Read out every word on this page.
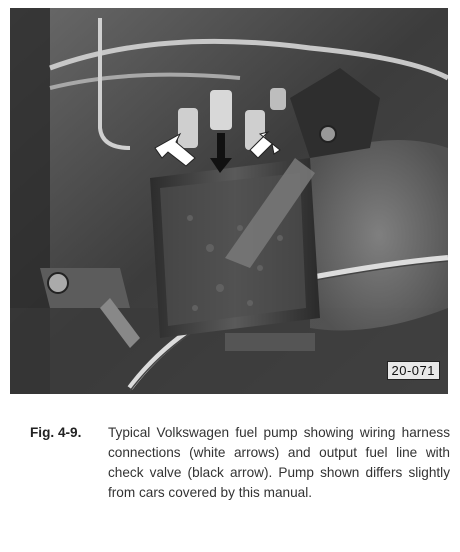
20-071
Fig. 4-9. Typical Volkswagen fuel pump showing wiring harness connections (white arrows) and output fuel line with check valve (black arrow). Pump shown differs slightly from cars covered by this manual.
